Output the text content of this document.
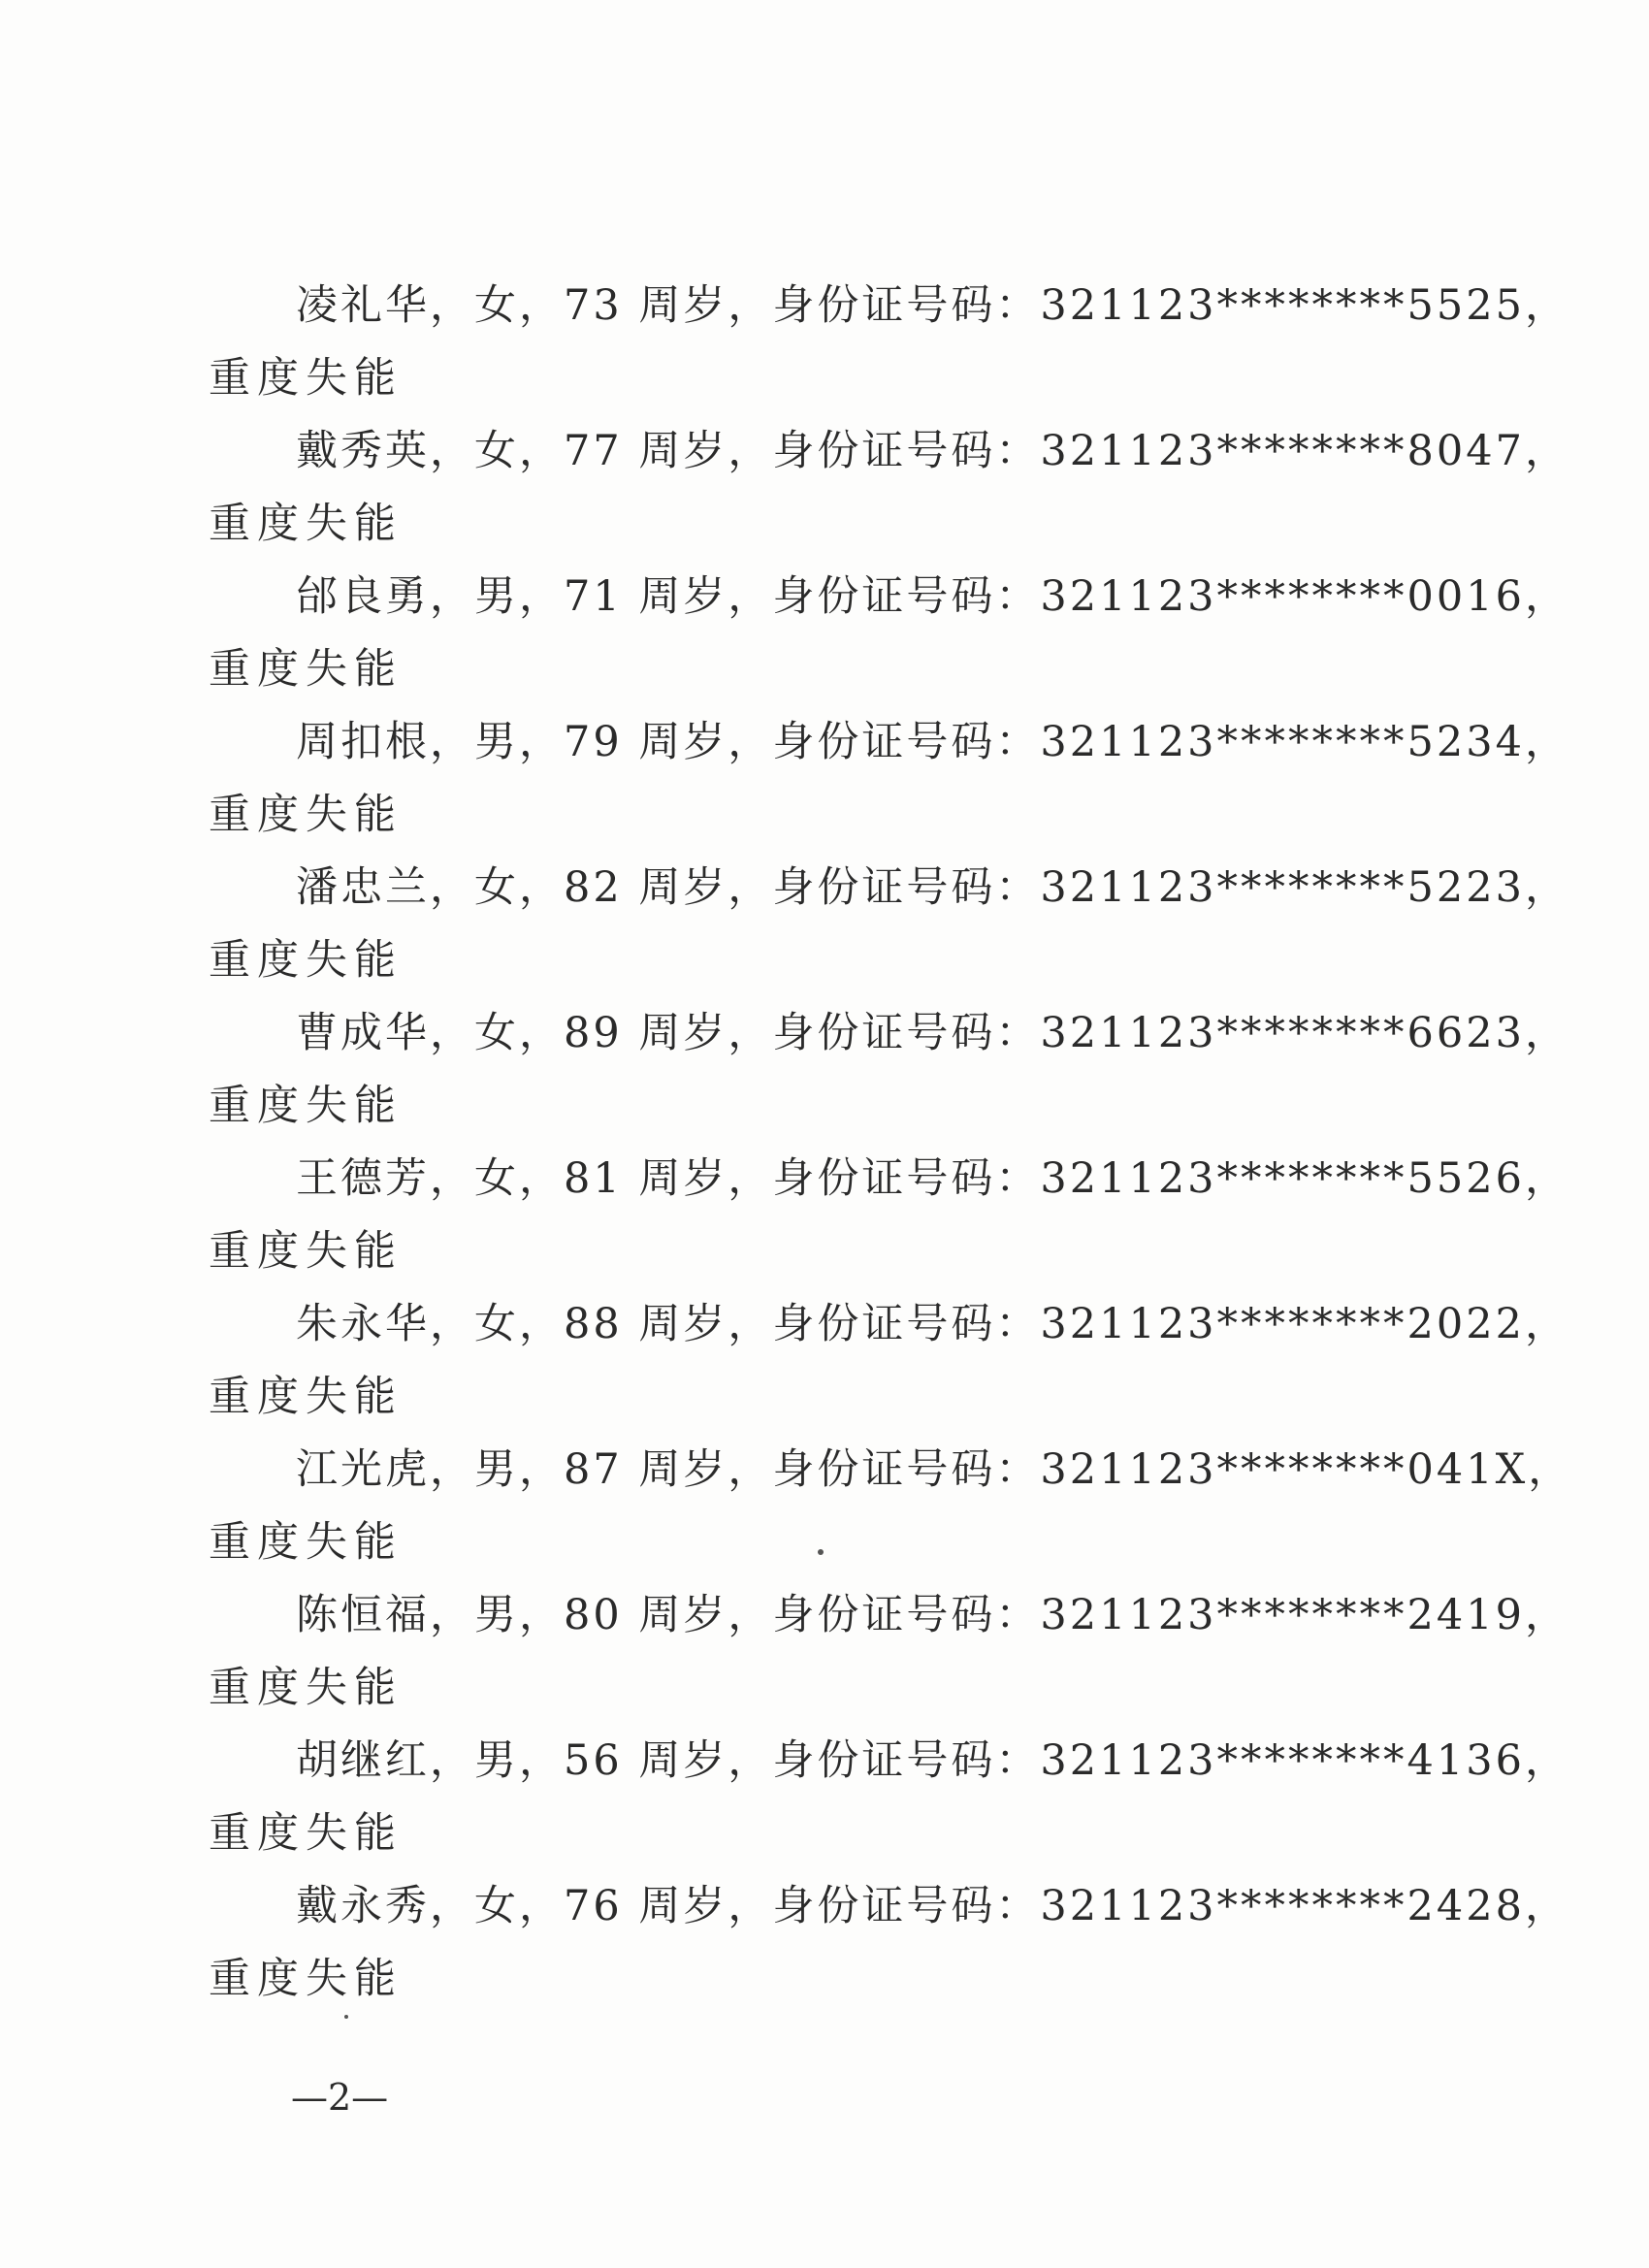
凌礼华，女，73 周岁，身份证号码：321123********5525，
重度失能
戴秀英，女，77 周岁，身份证号码：321123********8047，
重度失能
邰良勇，男，71 周岁，身份证号码：321123********0016，
重度失能
周扣根，男，79 周岁，身份证号码：321123********5234，
重度失能
潘忠兰，女，82 周岁，身份证号码：321123********5223，
重度失能
曹成华，女，89 周岁，身份证号码：321123********6623，
重度失能
王德芳，女，81 周岁，身份证号码：321123********5526，
重度失能
朱永华，女，88 周岁，身份证号码：321123********2022，
重度失能
江光虎，男，87 周岁，身份证号码：321123********041X，
重度失能
陈恒福，男，80 周岁，身份证号码：321123********2419，
重度失能
胡继红，男，56 周岁，身份证号码：321123********4136，
重度失能
戴永秀，女，76 周岁，身份证号码：321123********2428，
重度失能
—2—
